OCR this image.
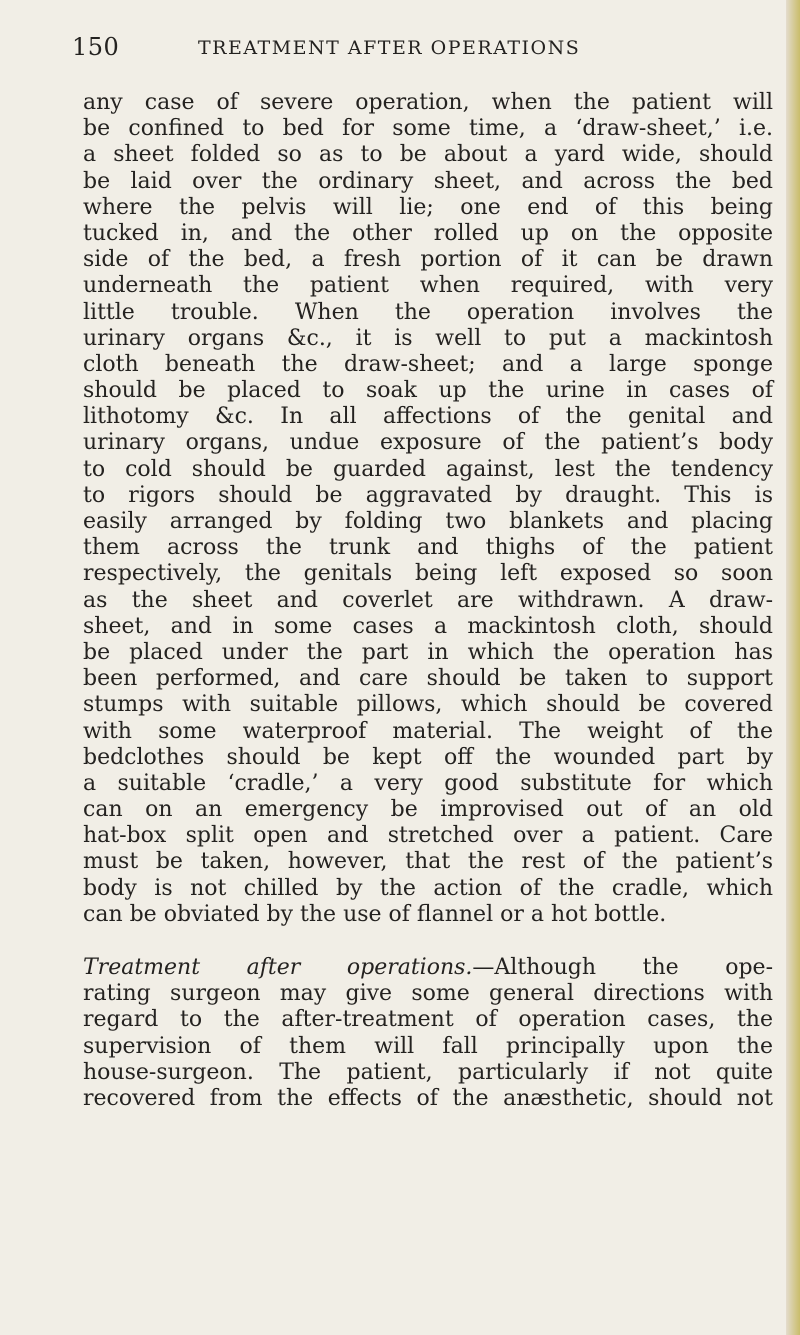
150	TREATMENT AFTER OPERATIONS
any case of severe operation, when the patient will
be confined to bed for some time, a ‘draw-sheet,’ i.e.
a sheet folded so as to be about a yard wide, should
be laid over the ordinary sheet, and across the bed
where the pelvis will lie; one end of this being
tucked in, and the other rolled up on the opposite
side of the bed, a fresh portion of it can be drawn
underneath the patient when required, with very
little trouble. When the operation involves the
urinary organs &c., it is well to put a mackintosh
cloth beneath the draw-sheet; and a large sponge
should be placed to soak up the urine in cases of
lithotomy &c. In all affections of the genital and
urinary organs, undue exposure of the patient’s body
to cold should be guarded against, lest the tendency
to rigors should be aggravated by draught. This is
easily arranged by folding two blankets and placing
them across the trunk and thighs of the patient
respectively, the genitals being left exposed so soon
as the sheet and coverlet are withdrawn. A draw-
sheet, and in some cases a mackintosh cloth, should
be placed under the part in which the operation has
been performed, and care should be taken to support
stumps with suitable pillows, which should be covered
with some waterproof material. The weight of the
bedclothes should be kept off the wounded part by
a suitable ‘cradle,’ a very good substitute for which
can on an emergency be improvised out of an old
hat-box split open and stretched over a patient. Care
must be taken, however, that the rest of the patient’s
body is not chilled by the action of the cradle, which
can be obviated by the use of flannel or a hot bottle.
Treatment after operations.—Although the ope-
rating surgeon may give some general directions with
regard to the after-treatment of operation cases, the
supervision of them will fall principally upon the
house-surgeon. The patient, particularly if not quite
recovered from the effects of the anæsthetic, should not
